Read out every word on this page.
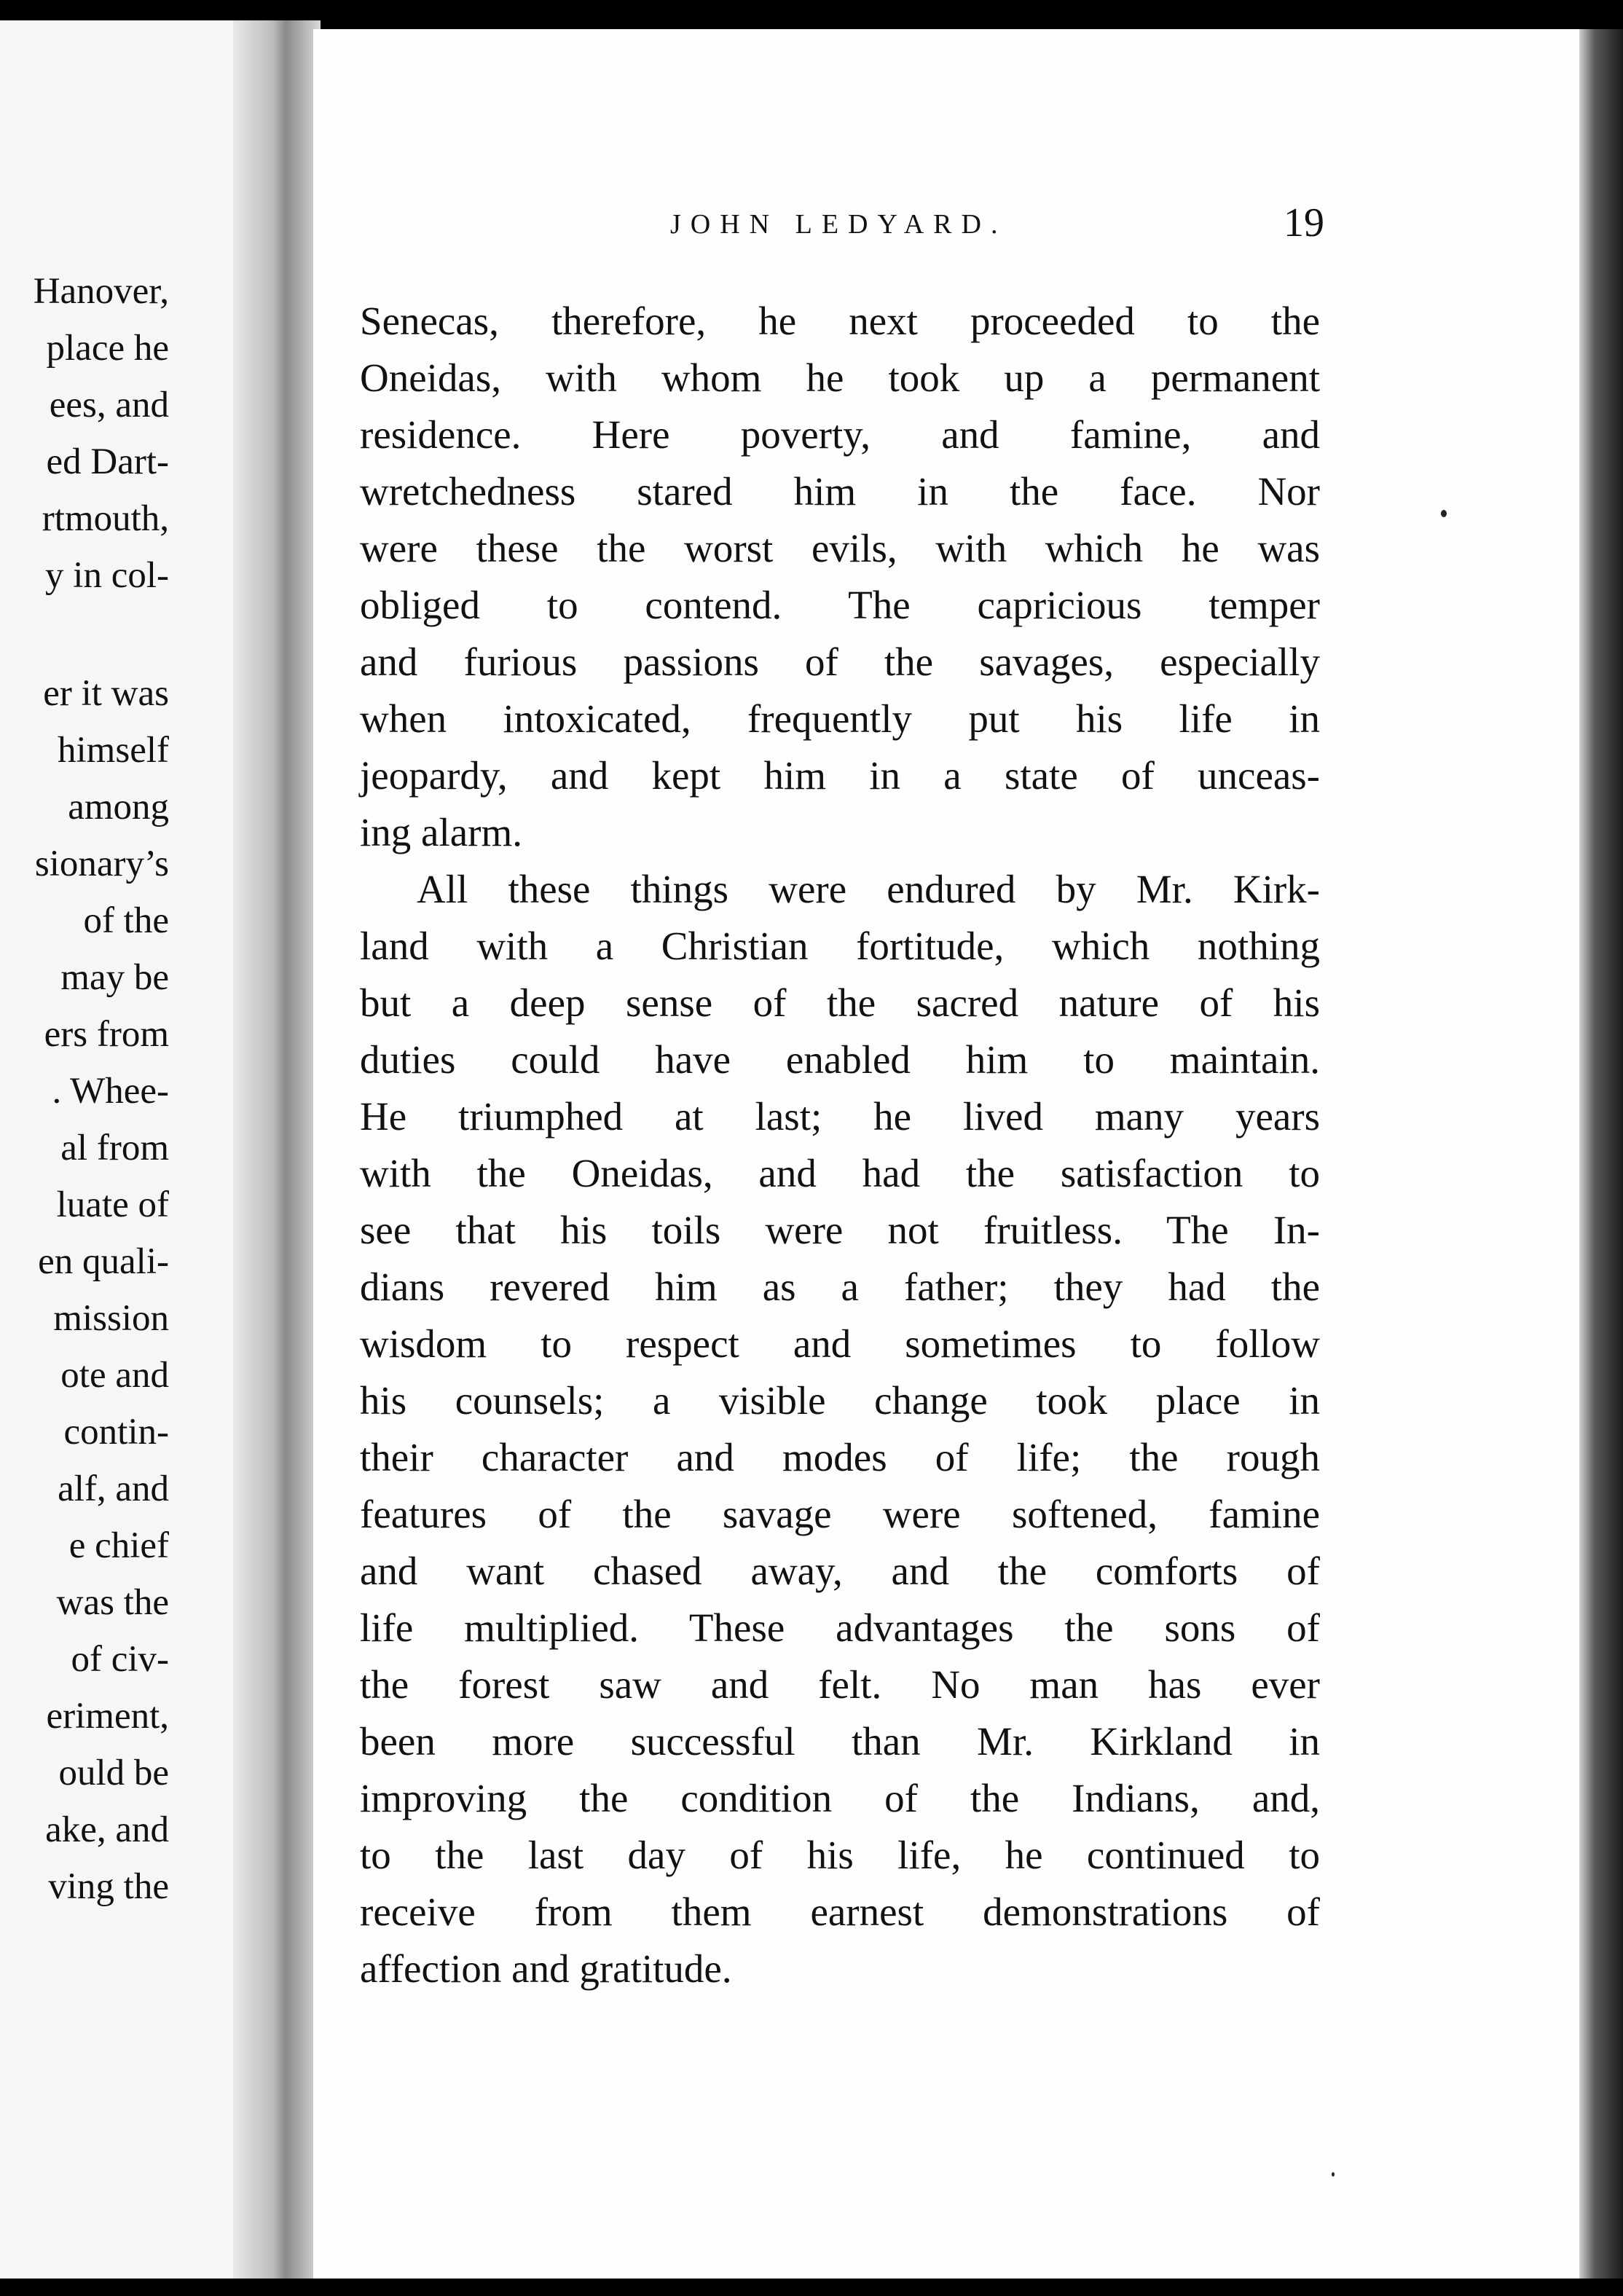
Hanover,
place he
ees, and
ed Dart-
rtmouth,
y in col-
er it was
himself
among
sionary’s
of the
may be
ers from
. Whee-
al from
luate of
en quali-
mission
ote and
contin-
alf, and
e chief
was the
of civ-
eriment,
ould be
ake, and
ving the
JOHN LEDYARD.	19
Senecas, therefore, he next proceeded to the
Oneidas, with whom he took up a permanent
residence. Here poverty, and famine, and
wretchedness stared him in the face. Nor
were these the worst evils, with which he was
obliged to contend. The capricious temper
and furious passions of the savages, especially
when intoxicated, frequently put his life in
jeopardy, and kept him in a state of unceas-
ing alarm.
All these things were endured by Mr. Kirk-
land with a Christian fortitude, which nothing
but a deep sense of the sacred nature of his
duties could have enabled him to maintain.
He triumphed at last; he lived many years
with the Oneidas, and had the satisfaction to
see that his toils were not fruitless. The In-
dians revered him as a father; they had the
wisdom to respect and sometimes to follow
his counsels; a visible change took place in
their character and modes of life; the rough
features of the savage were softened, famine
and want chased away, and the comforts of
life multiplied. These advantages the sons of
the forest saw and felt. No man has ever
been more successful than Mr. Kirkland in
improving the condition of the Indians, and,
to the last day of his life, he continued to
receive from them earnest demonstrations of
affection and gratitude.
